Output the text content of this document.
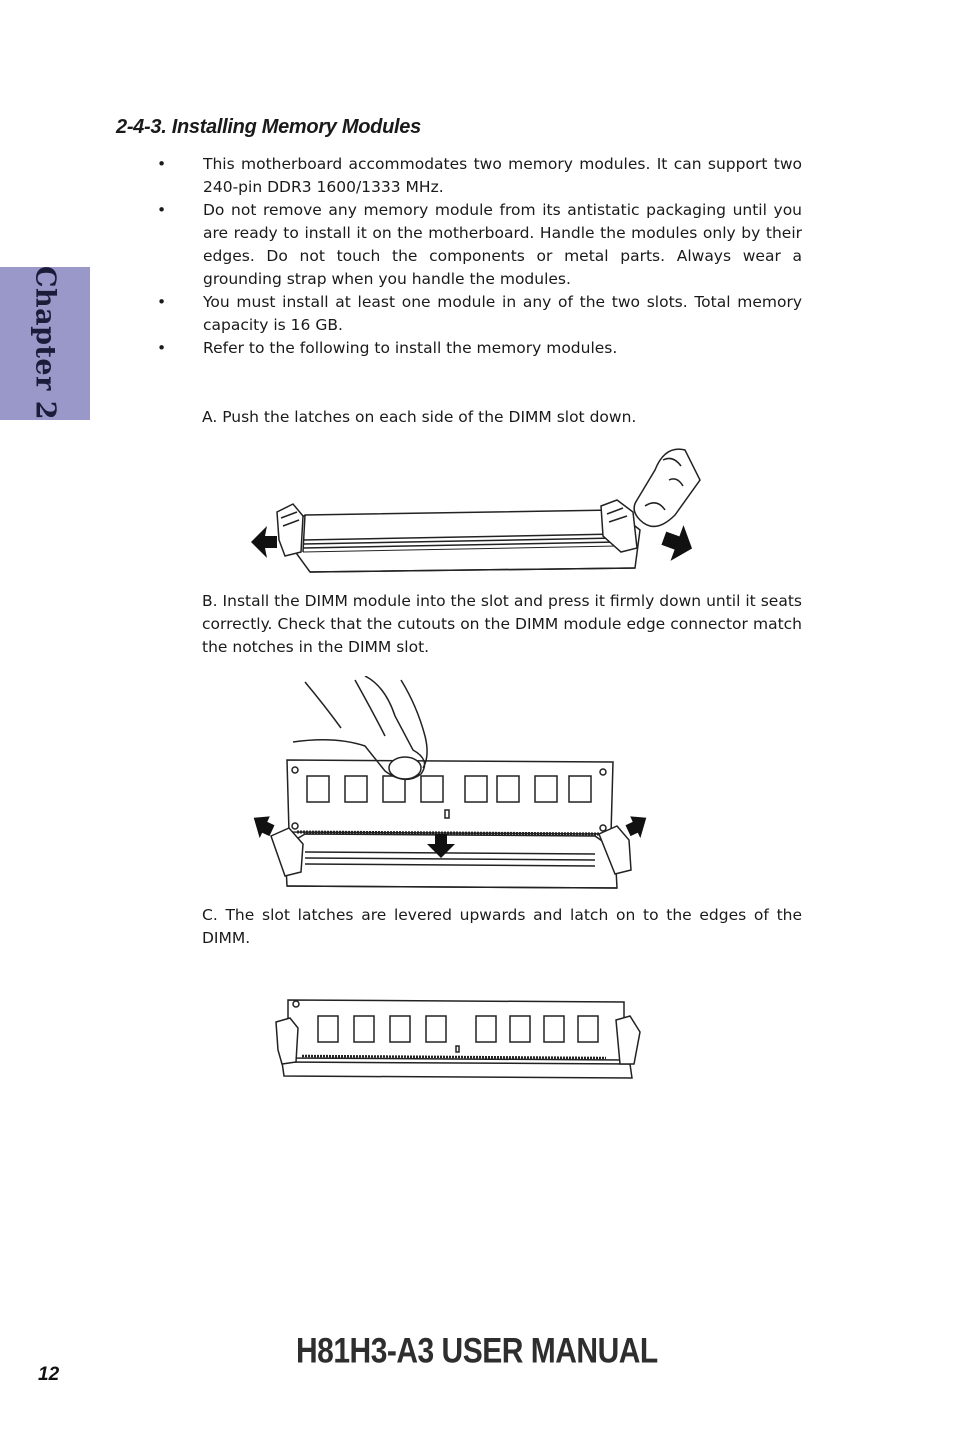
Chapter 2
2-4-3. Installing Memory Modules
• This motherboard accommodates two memory modules. It can support two 240-pin DDR3 1600/1333 MHz.
• Do not remove any memory module from its antistatic packaging until you are ready to install it on the motherboard. Handle the modules only by their edges. Do not touch the components or metal parts. Always wear a grounding strap when you handle the modules.
• You must install at least one module in any of the two slots. Total memory capacity is 16 GB.
• Refer to the following to install the memory modules.

A. Push the latches on each side of the DIMM slot down.

B. Install the DIMM module into the slot and press it firmly down until it seats correctly. Check that the cutouts on the DIMM module edge connector match the notches in the DIMM slot.

C. The slot latches are levered upwards and latch on to the edges of the DIMM.

12
H81H3-A3 USER MANUAL
